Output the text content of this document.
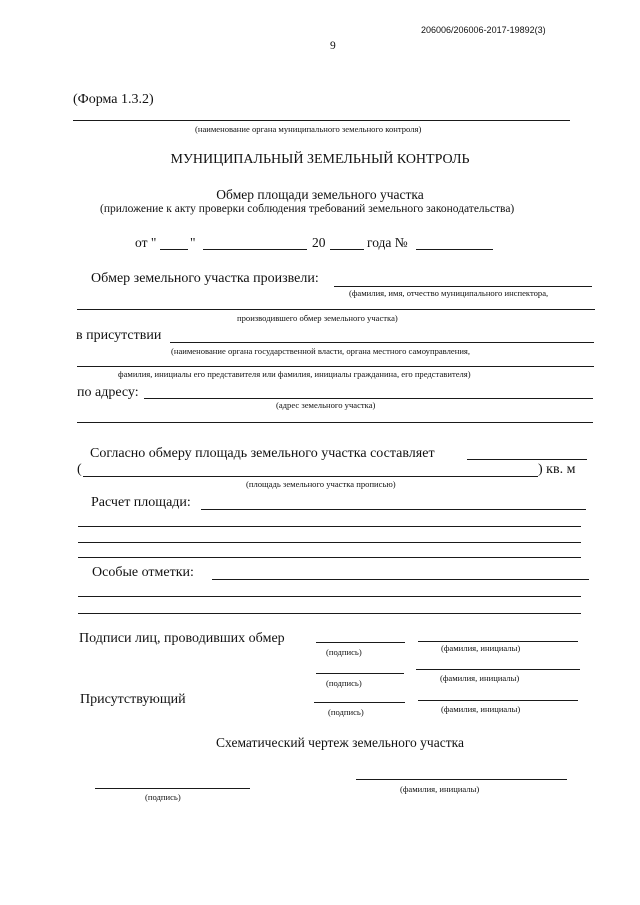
206006/206006-2017-19892(3)
9
(Форма 1.3.2)
(наименование органа муниципального земельного контроля)
МУНИЦИПАЛЬНЫЙ ЗЕМЕЛЬНЫЙ КОНТРОЛЬ
Обмер площади земельного участка
(приложение к акту проверки соблюдения требований земельного законодательства)
от " "	20	года №
Обмер земельного участка произвели:
(фамилия, имя, отчество муниципального инспектора,
производившего обмер земельного участка)
в присутствии
(наименование органа государственной власти, органа местного самоуправления,
фамилия, инициалы его представителя или фамилия, инициалы гражданина, его представителя)
по адресу:
(адрес земельного участка)
Согласно обмеру площадь земельного участка составляет
(	) кв. м
(площадь земельного участка прописью)
Расчет площади:
Особые отметки:
Подписи лиц, проводивших обмер
(подпись)	(фамилия, инициалы)
(подпись)	(фамилия, инициалы)
Присутствующий
(подпись)	(фамилия, инициалы)
Схематический чертеж земельного участка
(подпись)
(фамилия, инициалы)
